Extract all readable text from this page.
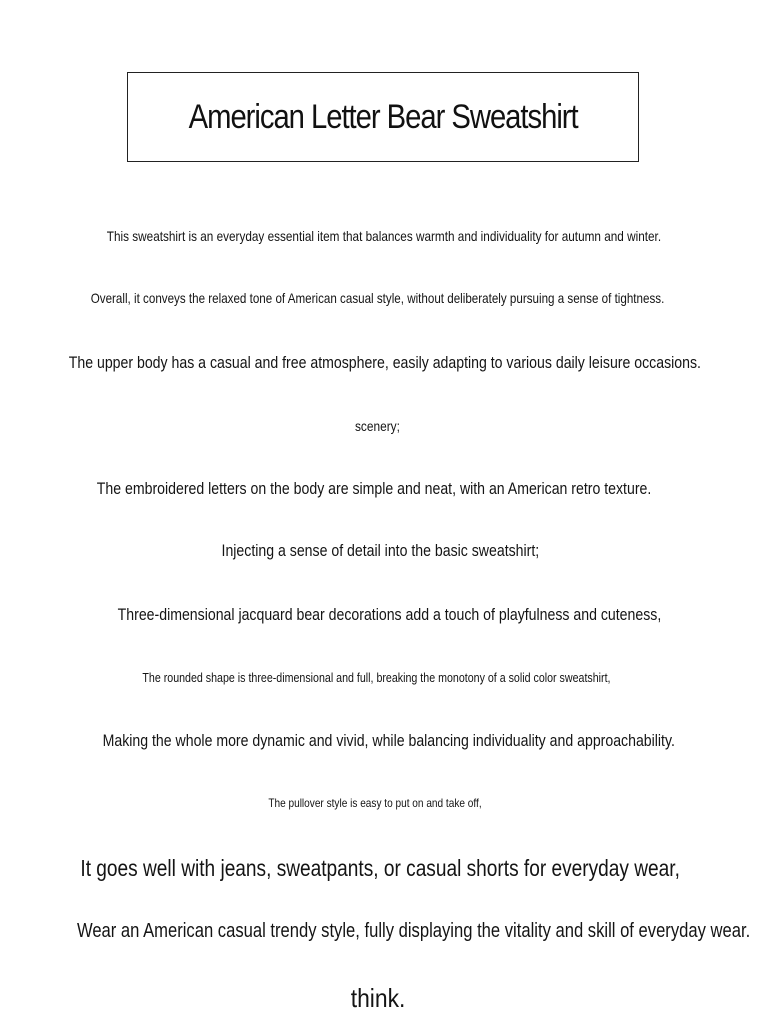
American Letter Bear Sweatshirt

This sweatshirt is an everyday essential item that balances warmth and individuality for autumn and winter.

Overall, it conveys the relaxed tone of American casual style, without deliberately pursuing a sense of tightness.

The upper body has a casual and free atmosphere, easily adapting to various daily leisure occasions.

scenery;

The embroidered letters on the body are simple and neat, with an American retro texture.

Injecting a sense of detail into the basic sweatshirt;

Three-dimensional jacquard bear decorations add a touch of playfulness and cuteness,

The rounded shape is three-dimensional and full, breaking the monotony of a solid color sweatshirt,

Making the whole more dynamic and vivid, while balancing individuality and approachability.

The pullover style is easy to put on and take off,

It goes well with jeans, sweatpants, or casual shorts for everyday wear,

Wear an American casual trendy style, fully displaying the vitality and skill of everyday wear.

think.
